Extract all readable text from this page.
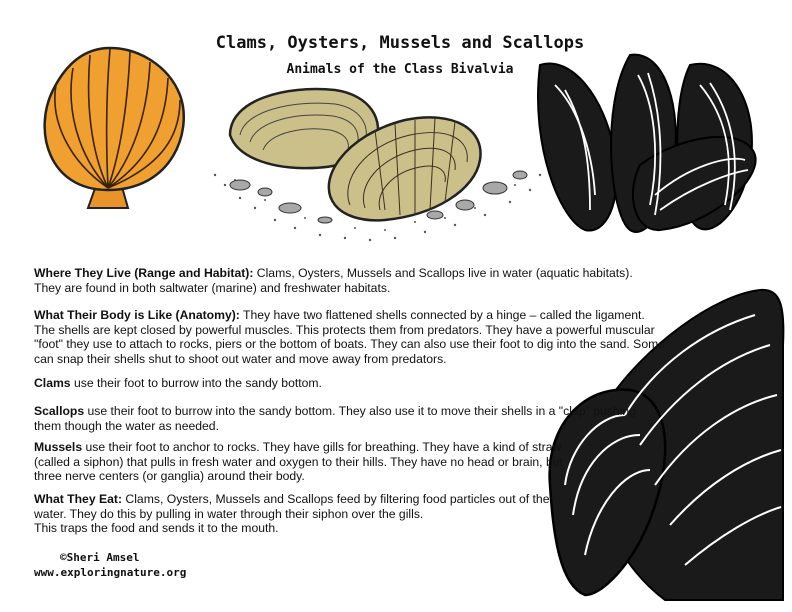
Clams, Oysters, Mussels and Scallops
Animals of the Class Bivalvia

Where They Live (Range and Habitat): Clams, Oysters, Mussels and Scallops live in water (aquatic habitats).
They are found in both saltwater (marine) and freshwater habitats.

What Their Body is Like (Anatomy): They have two flattened shells connected by a hinge – called the ligament.
The shells are kept closed by powerful muscles. This protects them from predators. They have a powerful muscular
"foot" they use to attach to rocks, piers or the bottom of boats. They can also use their foot to dig into the sand. Some
can snap their shells shut to shoot out water and move away from predators.

Clams use their foot to burrow into the sandy bottom.

Scallops use their foot to burrow into the sandy bottom. They also use it to move their shells in a "clap" pushing
them though the water as needed.

Mussels use their foot to anchor to rocks. They have gills for breathing. They have a kind of straw
(called a siphon) that pulls in fresh water and oxygen to their hills. They have no head or brain, but
three nerve centers (or ganglia) around their body.

What They Eat: Clams, Oysters, Mussels and Scallops feed by filtering food particles out of the
water. They do this by pulling in water through their siphon over the gills.
This traps the food and sends it to the mouth.

©Sheri Amsel
www.exploringnature.org
